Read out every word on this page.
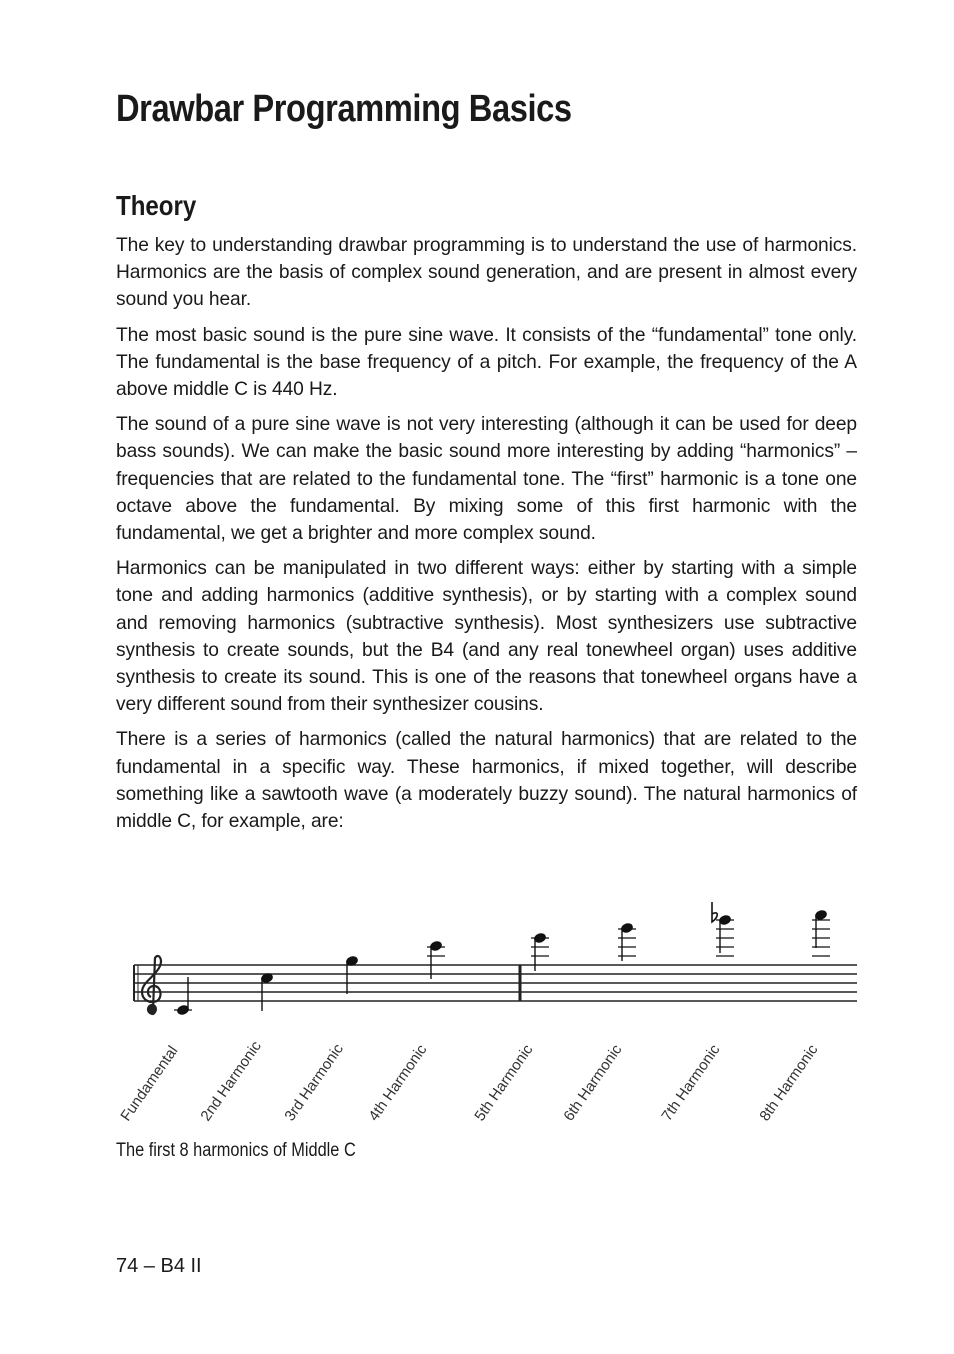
Drawbar Programming Basics
Theory

The key to understanding drawbar programming is to understand the use of harmonics. Harmonics are the basis of complex sound generation, and are present in almost every sound you hear.

The most basic sound is the pure sine wave. It consists of the “fundamental” tone only. The fundamental is the base frequency of a pitch. For example, the frequency of the A above middle C is 440 Hz.

The sound of a pure sine wave is not very interesting (although it can be used for deep bass sounds). We can make the basic sound more interesting by adding “harmonics” – frequencies that are related to the fundamental tone. The “first” harmonic is a tone one octave above the fundamental. By mixing some of this first harmonic with the fundamental, we get a brighter and more complex sound.

Harmonics can be manipulated in two different ways: either by starting with a simple tone and adding harmonics (additive synthesis), or by starting with a complex sound and removing harmonics (subtractive synthesis). Most synthesizers use subtractive synthesis to create sounds, but the B4 (and any real tonewheel organ) uses additive synthesis to create its sound. This is one of the reasons that tonewheel organs have a very different sound from their synthesizer cousins.

There is a series of harmonics (called the natural harmonics) that are related to the fundamental in a specific way. These harmonics, if mixed together, will describe something like a sawtooth wave (a moderately buzzy sound). The natural harmonics of middle C, for example, are:

Fundamental 2nd Harmonic 3rd Harmonic 4th Harmonic	5th Harmonic 6th Harmonic 7th Harmonic 8th Harmonic
The first 8 harmonics of Middle C
74 – B4 II
